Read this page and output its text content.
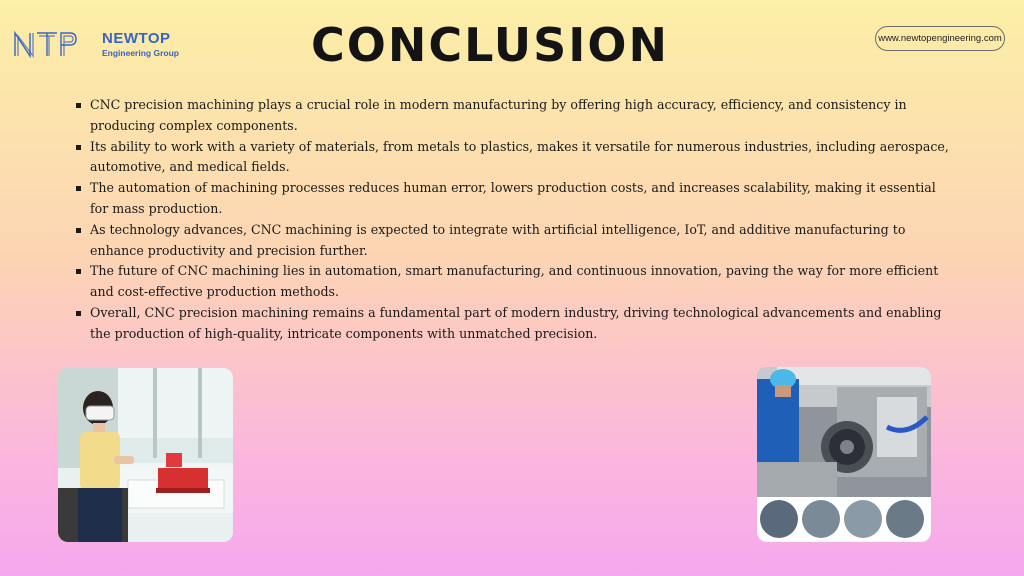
NEWTOP
Engineering Group	CONCLUSION	www.newtopengineering.com
CNC precision machining plays a crucial role in modern manufacturing by offering high accuracy, efficiency, and consistency in producing complex components.
Its ability to work with a variety of materials, from metals to plastics, makes it versatile for numerous industries, including aerospace, automotive, and medical fields.
The automation of machining processes reduces human error, lowers production costs, and increases scalability, making it essential for mass production.
As technology advances, CNC machining is expected to integrate with artificial intelligence, IoT, and additive manufacturing to enhance productivity and precision further.
The future of CNC machining lies in automation, smart manufacturing, and continuous innovation, paving the way for more efficient and cost-effective production methods.
Overall, CNC precision machining remains a fundamental part of modern industry, driving technological advancements and enabling the production of high-quality, intricate components with unmatched precision.
